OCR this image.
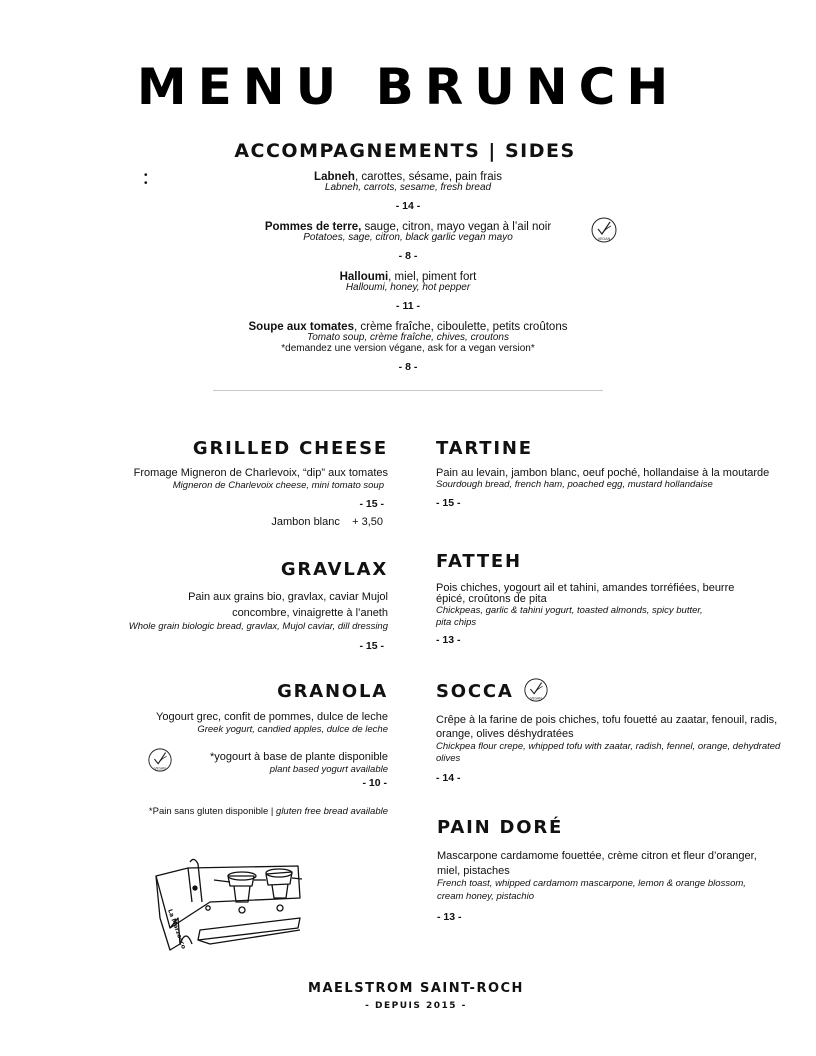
MENU BRUNCH
ACCOMPAGNEMENTS | SIDES
•
•
Labneh, carottes, sésame, pain frais
Labneh, carrots, sesame, fresh bread
- 14 -
Pommes de terre, sauge, citron, mayo vegan à l’ail noir
Potatoes, sage, citron, black garlic vegan mayo
- 8 -
VEGAN
Halloumi, miel, piment fort
Halloumi, honey, hot pepper
- 11 -
Soupe aux tomates, crème fraîche, ciboulette, petits croûtons
Tomato soup, crème fraîche, chives, croutons
*demandez une version végane, ask for a vegan version*
- 8 -
GRILLED CHEESE
Fromage Migneron de Charlevoix, “dip” aux tomates
Migneron de Charlevoix cheese, mini tomato soup
- 15 -
Jambon blanc + 3,50
GRAVLAX
Pain aux grains bio, gravlax, caviar Mujol
concombre, vinaigrette à l’aneth
Whole grain biologic bread, gravlax, Mujol caviar, dill dressing
- 15 -
GRANOLA
Yogourt grec, confit de pommes, dulce de leche
Greek yogurt, candied apples, dulce de leche
VEGAN
*yogourt à base de plante disponible
plant based yogurt available
- 10 -
*Pain sans gluten disponible | gluten free bread available
La Marzocco
TARTINE
Pain au levain, jambon blanc, oeuf poché, hollandaise à la moutarde
Sourdough bread, french ham, poached egg, mustard hollandaise
- 15 -
FATTEH
Pois chiches, yogourt ail et tahini, amandes torréfiées, beurre épicé, croûtons de pita
Chickpeas, garlic & tahini yogurt, toasted almonds, spicy butter, pita chips
- 13 -
SOCCA	VEGAN
Crêpe à la farine de pois chiches, tofu fouetté au zaatar, fenouil, radis, orange, olives déshydratées
Chickpea flour crepe, whipped tofu with zaatar, radish, fennel, orange, dehydrated olives
- 14 -
PAIN DORÉ
Mascarpone cardamome fouettée, crème citron et fleur d’oranger, miel, pistaches
French toast, whipped cardamom mascarpone, lemon & orange blossom, cream honey, pistachio
- 13 -
MAELSTROM SAINT-ROCH
- DEPUIS 2015 -
